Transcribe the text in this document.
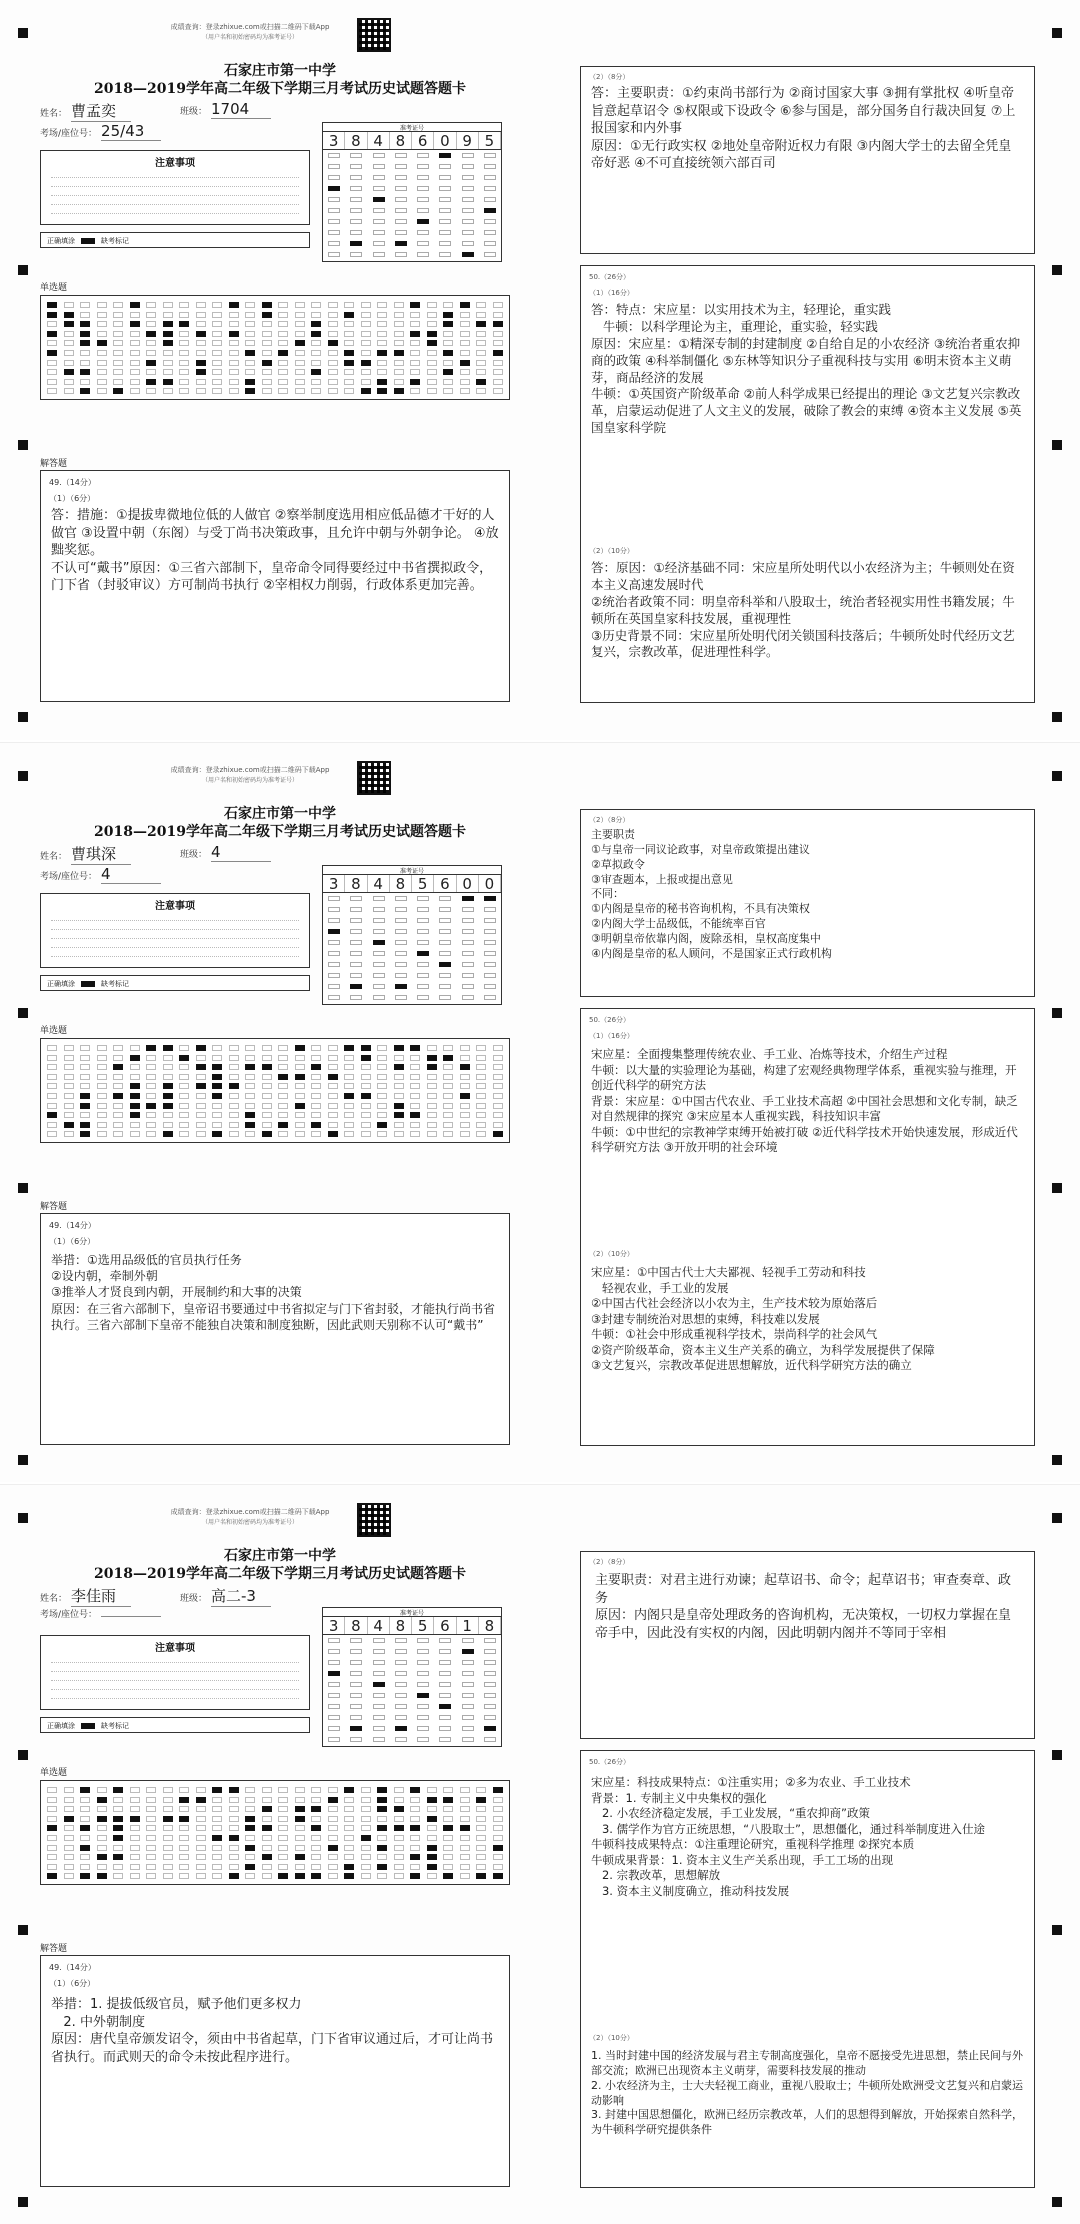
成绩查询：登录zhixue.com或扫描二维码下载App
（用户名和初始密码均为准考证号）
石家庄市第一中学
2018—2019学年高二年级下学期三月考试历史试题答题卡
姓名： 曹孟奕	班级： 1704
考场/座位号： 25/43
注意事项
正确填涂	缺考标记
准考证号
3 8 4 8 6 0 9 5
单选题
解答题
49.（14分）
（1）（6分）
答：措施：①提拔卑微地位低的人做官 ②察举制度选用相应低品德才干好的人做官 ③设置中朝（东阁）与受丁尚书决策政事，且允许中朝与外朝争论。 ④放黜奖惩。
不认可“戴书”原因：①三省六部制下，皇帝命令同得要经过中书省撰拟政令，门下省（封驳审议）方可制尚书执行 ②宰相权力削弱，行政体系更加完善。
（2）（8分）
答：主要职责：①约束尚书部行为 ②商讨国家大事 ③拥有掌批权 ④听皇帝旨意起草诏令 ⑤权限或下设政令 ⑥参与国是，部分国务自行裁决回复 ⑦上报国家和内外事
原因：①无行政实权 ②地处皇帝附近权力有限 ③内阁大学士的去留全凭皇帝好恶 ④不可直接统领六部百司
50.（26分）
（1）（16分）
答：特点：宋应星：以实用技术为主，轻理论，重实践
牛顿：以科学理论为主，重理论，重实验，轻实践
原因：宋应星：①精深专制的封建制度 ②自给自足的小农经济 ③统治者重农抑商的政策 ④科举制僵化 ⑤东林等知识分子重视科技与实用 ⑥明末资本主义萌芽，商品经济的发展
牛顿：①英国资产阶级革命 ②前人科学成果已经提出的理论 ③文艺复兴宗教改革，启蒙运动促进了人文主义的发展，破除了教会的束缚 ④资本主义发展 ⑤英国皇家科学院
（2）（10分）
答：原因：①经济基础不同：宋应星所处明代以小农经济为主；牛顿则处在资本主义高速发展时代
②统治者政策不同：明皇帝科举和八股取士，统治者轻视实用性书籍发展；牛顿所在英国皇家科技发展，重视理性
③历史背景不同：宋应星所处明代闭关锁国科技落后；牛顿所处时代经历文艺复兴，宗教改革，促进理性科学。
成绩查询：登录zhixue.com或扫描二维码下载App
（用户名和初始密码均为准考证号）
石家庄市第一中学
2018—2019学年高二年级下学期三月考试历史试题答题卡
姓名： 曹琪深	班级： 4
考场/座位号： 4
注意事项
正确填涂	缺考标记
准考证号
3 8 4 8 5 6 0 0
单选题
解答题
49.（14分）
（1）（6分）
举措：①选用品级低的官员执行任务
②设内朝，牵制外朝
③推举人才贤良到内朝，开展制约和大事的决策
原因：在三省六部制下，皇帝诏书要通过中书省拟定与门下省封驳，才能执行尚书省执行。三省六部制下皇帝不能独自决策和制度独断，因此武则天别称不认可“戴书”
（2）（8分）
主要职责
①与皇帝一同议论政事，对皇帝政策提出建议
②草拟政令
③审查题本，上报或提出意见
不同：
①内阁是皇帝的秘书咨询机构，不具有决策权
②内阁大学士品级低，不能统率百官
③明朝皇帝依靠内阁，废除丞相，皇权高度集中
④内阁是皇帝的私人顾问，不是国家正式行政机构
50.（26分）
（1）（16分）
宋应星：全面搜集整理传统农业、手工业、冶炼等技术，介绍生产过程
牛顿：以大量的实验理论为基础，构建了宏观经典物理学体系，重视实验与推理，开创近代科学的研究方法
背景：宋应星：①中国古代农业、手工业技术高超 ②中国社会思想和文化专制，缺乏对自然规律的探究 ③宋应星本人重视实践，科技知识丰富
牛顿：①中世纪的宗教神学束缚开始被打破 ②近代科学技术开始快速发展，形成近代科学研究方法 ③开放开明的社会环境
（2）（10分）
宋应星：①中国古代士大夫鄙视、轻视手工劳动和科技
轻视农业，手工业的发展
②中国古代社会经济以小农为主，生产技术较为原始落后
③封建专制统治对思想的束缚，科技难以发展
牛顿：①社会中形成重视科学技术，崇尚科学的社会风气
②资产阶级革命，资本主义生产关系的确立，为科学发展提供了保障
③文艺复兴，宗教改革促进思想解放，近代科学研究方法的确立
成绩查询：登录zhixue.com或扫描二维码下载App
（用户名和初始密码均为准考证号）
石家庄市第一中学
2018—2019学年高二年级下学期三月考试历史试题答题卡
姓名： 李佳雨	班级： 高二-3
考场/座位号：
注意事项
正确填涂	缺考标记
准考证号
3 8 4 8 5 6 1 8
单选题
解答题
49.（14分）
（1）（6分）
举措：1. 提拔低级官员，赋予他们更多权力
2. 中外朝制度
原因：唐代皇帝颁发诏令，须由中书省起草，门下省审议通过后，才可让尚书省执行。而武则天的命令未按此程序进行。
（2）（8分）
主要职责：对君主进行劝谏；起草诏书、命令；起草诏书；审查奏章、政务
原因：内阁只是皇帝处理政务的咨询机构，无决策权，一切权力掌握在皇帝手中，因此没有实权的内阁，因此明朝内阁并不等同于宰相
50.（26分）
宋应星：科技成果特点：①注重实用；②多为农业、手工业技术
背景：1. 专制主义中央集权的强化
2. 小农经济稳定发展，手工业发展，“重农抑商”政策
3. 儒学作为官方正统思想，“八股取士”，思想僵化，通过科举制度进入仕途
牛顿科技成果特点：①注重理论研究，重视科学推理 ②探究本质
牛顿成果背景：1. 资本主义生产关系出现，手工工场的出现
2. 宗教改革，思想解放
3. 资本主义制度确立，推动科技发展
（2）（10分）
1. 当时封建中国的经济发展与君主专制高度强化，皇帝不愿接受先进思想，禁止民间与外部交流；欧洲已出现资本主义萌芽，需要科技发展的推动
2. 小农经济为主，士大夫轻视工商业，重视八股取士；牛顿所处欧洲受文艺复兴和启蒙运动影响
3. 封建中国思想僵化，欧洲已经历宗教改革，人们的思想得到解放，开始探索自然科学，为牛顿科学研究提供条件
